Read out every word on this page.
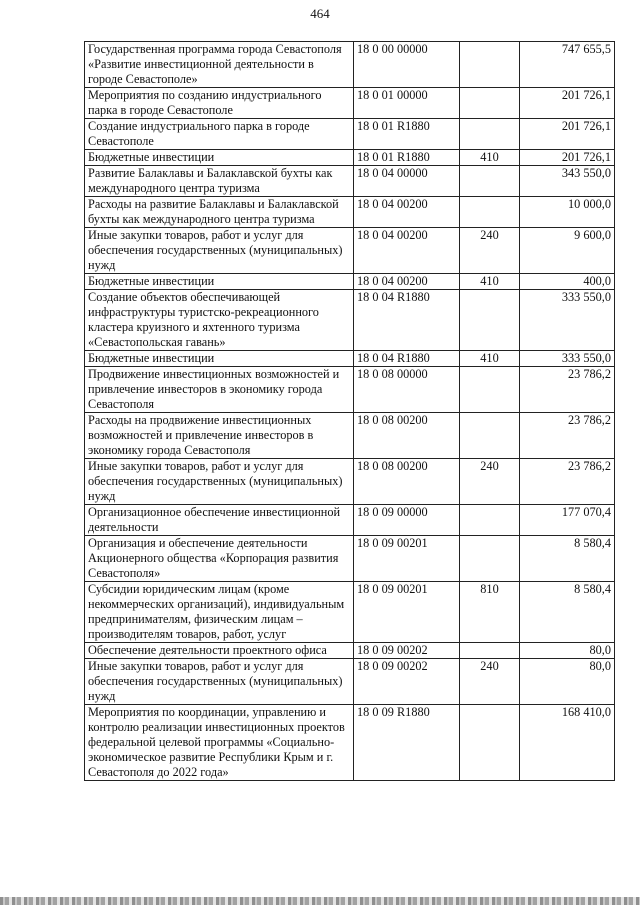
464
Государственная программа города Севастополя «Развитие инвестиционной деятельности в городе Севастополе»	18 0 00 00000		747 655,5
Мероприятия по созданию индустриального парка в городе Севастополе	18 0 01 00000		201 726,1
Создание индустриального парка в городе Севастополе	18 0 01 R1880		201 726,1
Бюджетные инвестиции	18 0 01 R1880	410	201 726,1
Развитие Балаклавы и Балаклавской бухты как международного центра туризма	18 0 04 00000		343 550,0
Расходы на развитие Балаклавы и Балаклавской бухты как международного центра туризма	18 0 04 00200		10 000,0
Иные закупки товаров, работ и услуг для обеспечения государственных (муниципальных) нужд	18 0 04 00200	240	9 600,0
Бюджетные инвестиции	18 0 04 00200	410	400,0
Создание объектов обеспечивающей инфраструктуры туристско-рекреационного кластера круизного и яхтенного туризма «Севастопольская гавань»	18 0 04 R1880		333 550,0
Бюджетные инвестиции	18 0 04 R1880	410	333 550,0
Продвижение инвестиционных возможностей и привлечение инвесторов в экономику города Севастополя	18 0 08 00000		23 786,2
Расходы на продвижение инвестиционных возможностей и привлечение инвесторов в экономику города Севастополя	18 0 08 00200		23 786,2
Иные закупки товаров, работ и услуг для обеспечения государственных (муниципальных) нужд	18 0 08 00200	240	23 786,2
Организационное обеспечение инвестиционной деятельности	18 0 09 00000		177 070,4
Организация и обеспечение деятельности Акционерного общества «Корпорация развития Севастополя»	18 0 09 00201		8 580,4
Субсидии юридическим лицам (кроме некоммерческих организаций), индивидуальным предпринимателям, физическим лицам – производителям товаров, работ, услуг	18 0 09 00201	810	8 580,4
Обеспечение деятельности проектного офиса	18 0 09 00202		80,0
Иные закупки товаров, работ и услуг для обеспечения государственных (муниципальных) нужд	18 0 09 00202	240	80,0
Мероприятия по координации, управлению и контролю реализации инвестиционных проектов федеральной целевой программы «Социально-экономическое развитие Республики Крым и г. Севастополя до 2022 года»	18 0 09 R1880		168 410,0
